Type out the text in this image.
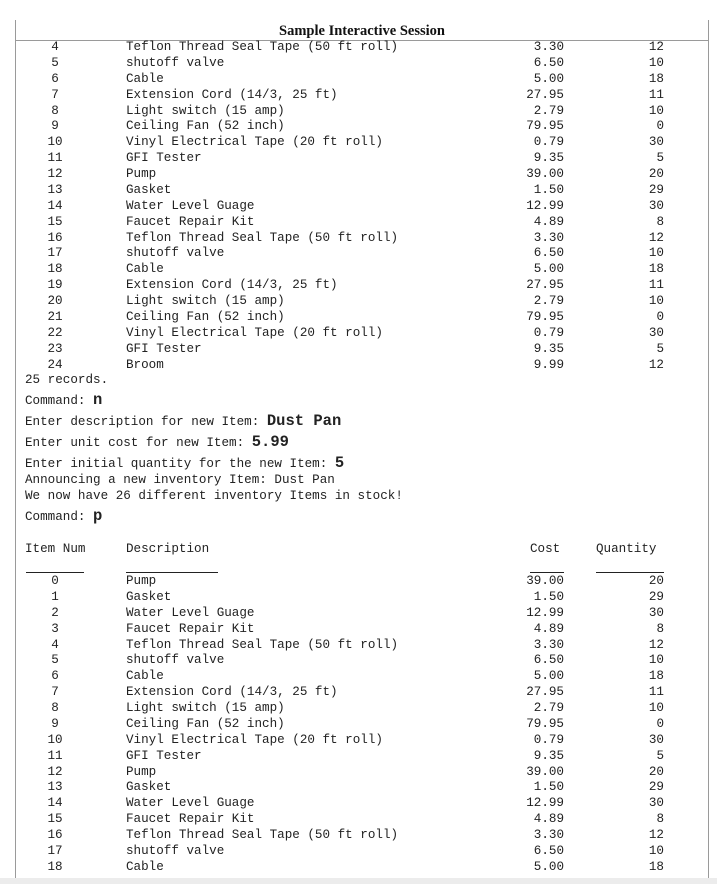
Sample Interactive Session
4	Teflon Thread Seal Tape (50 ft roll)	3.30	12
5	shutoff valve	6.50	10
6	Cable	5.00	18
7	Extension Cord (14/3, 25 ft)	27.95	11
8	Light switch (15 amp)	2.79	10
9	Ceiling Fan (52 inch)	79.95	0
10	Vinyl Electrical Tape (20 ft roll)	0.79	30
11	GFI Tester	9.35	5
12	Pump	39.00	20
13	Gasket	1.50	29
14	Water Level Guage	12.99	30
15	Faucet Repair Kit	4.89	8
16	Teflon Thread Seal Tape (50 ft roll)	3.30	12
17	shutoff valve	6.50	10
18	Cable	5.00	18
19	Extension Cord (14/3, 25 ft)	27.95	11
20	Light switch (15 amp)	2.79	10
21	Ceiling Fan (52 inch)	79.95	0
22	Vinyl Electrical Tape (20 ft roll)	0.79	30
23	GFI Tester	9.35	5
24	Broom	9.99	12
25 records.
Command: n
Enter description for new Item: Dust Pan
Enter unit cost for new Item: 5.99
Enter initial quantity for the new Item: 5
Announcing a new inventory Item: Dust Pan
We now have 26 different inventory Items in stock!
Command: p
Item Num	Description	Cost	Quantity
0	Pump	39.00	20
1	Gasket	1.50	29
2	Water Level Guage	12.99	30
3	Faucet Repair Kit	4.89	8
4	Teflon Thread Seal Tape (50 ft roll)	3.30	12
5	shutoff valve	6.50	10
6	Cable	5.00	18
7	Extension Cord (14/3, 25 ft)	27.95	11
8	Light switch (15 amp)	2.79	10
9	Ceiling Fan (52 inch)	79.95	0
10	Vinyl Electrical Tape (20 ft roll)	0.79	30
11	GFI Tester	9.35	5
12	Pump	39.00	20
13	Gasket	1.50	29
14	Water Level Guage	12.99	30
15	Faucet Repair Kit	4.89	8
16	Teflon Thread Seal Tape (50 ft roll)	3.30	12
17	shutoff valve	6.50	10
18	Cable	5.00	18
